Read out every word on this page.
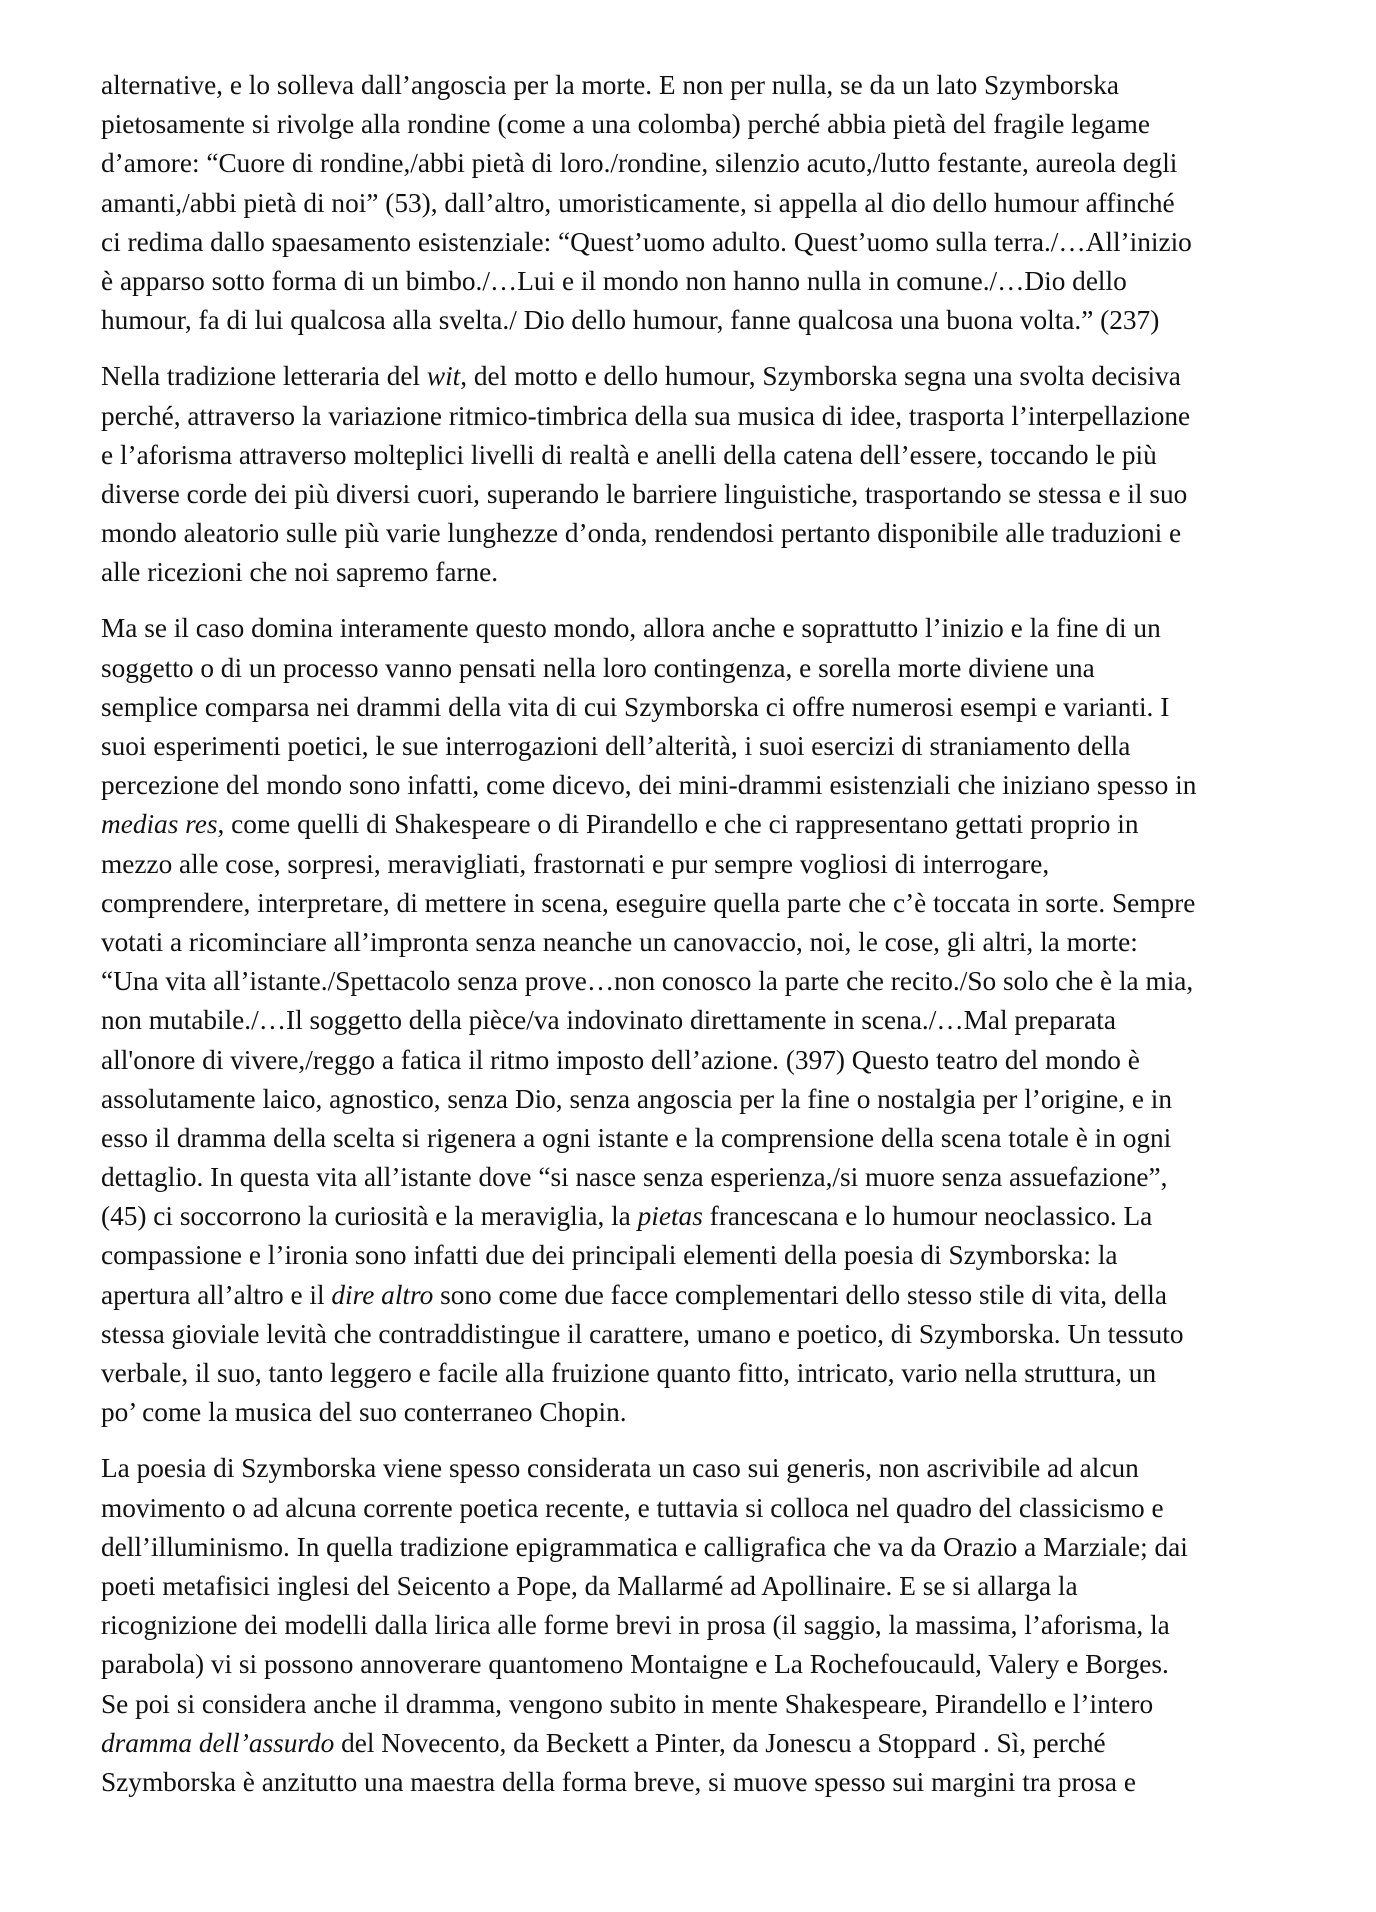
alternative, e lo solleva dall’angoscia per la morte. E non per nulla, se da un lato Szymborska
pietosamente si rivolge alla rondine (come a una colomba) perché abbia pietà del fragile legame
d’amore: “Cuore di rondine,/abbi pietà di loro./rondine, silenzio acuto,/lutto festante, aureola degli
amanti,/abbi pietà di noi” (53), dall’altro, umoristicamente, si appella al dio dello humour affinché
ci redima dallo spaesamento esistenziale: “Quest’uomo adulto. Quest’uomo sulla terra./…All’inizio
è apparso sotto forma di un bimbo./…Lui e il mondo non hanno nulla in comune./…Dio dello
humour, fa di lui qualcosa alla svelta./ Dio dello humour, fanne qualcosa una buona volta.” (237)

Nella tradizione letteraria del wit, del motto e dello humour, Szymborska segna una svolta decisiva
perché, attraverso la variazione ritmico-timbrica della sua musica di idee, trasporta l’interpellazione
e l’aforisma attraverso molteplici livelli di realtà e anelli della catena dell’essere, toccando le più
diverse corde dei più diversi cuori, superando le barriere linguistiche, trasportando se stessa e il suo
mondo aleatorio sulle più varie lunghezze d’onda, rendendosi pertanto disponibile alle traduzioni e
alle ricezioni che noi sapremo farne.

Ma se il caso domina interamente questo mondo, allora anche e soprattutto l’inizio e la fine di un
soggetto o di un processo vanno pensati nella loro contingenza, e sorella morte diviene una
semplice comparsa nei drammi della vita di cui Szymborska ci offre numerosi esempi e varianti. I
suoi esperimenti poetici, le sue interrogazioni dell’alterità, i suoi esercizi di straniamento della
percezione del mondo sono infatti, come dicevo, dei mini-drammi esistenziali che iniziano spesso in
medias res, come quelli di Shakespeare o di Pirandello e che ci rappresentano gettati proprio in
mezzo alle cose, sorpresi, meravigliati, frastornati e pur sempre vogliosi di interrogare,
comprendere, interpretare, di mettere in scena, eseguire quella parte che c’è toccata in sorte. Sempre
votati a ricominciare all’impronta senza neanche un canovaccio, noi, le cose, gli altri, la morte:
“Una vita all’istante./Spettacolo senza prove…non conosco la parte che recito./So solo che è la mia,
non mutabile./…Il soggetto della pièce/va indovinato direttamente in scena./…Mal preparata
all'onore di vivere,/reggo a fatica il ritmo imposto dell’azione. (397) Questo teatro del mondo è
assolutamente laico, agnostico, senza Dio, senza angoscia per la fine o nostalgia per l’origine, e in
esso il dramma della scelta si rigenera a ogni istante e la comprensione della scena totale è in ogni
dettaglio. In questa vita all’istante dove “si nasce senza esperienza,/si muore senza assuefazione”,
(45) ci soccorrono la curiosità e la meraviglia, la pietas francescana e lo humour neoclassico. La
compassione e l’ironia sono infatti due dei principali elementi della poesia di Szymborska: la
apertura all’altro e il dire altro sono come due facce complementari dello stesso stile di vita, della
stessa gioviale levità che contraddistingue il carattere, umano e poetico, di Szymborska. Un tessuto
verbale, il suo, tanto leggero e facile alla fruizione quanto fitto, intricato, vario nella struttura, un
po’ come la musica del suo conterraneo Chopin.

La poesia di Szymborska viene spesso considerata un caso sui generis, non ascrivibile ad alcun
movimento o ad alcuna corrente poetica recente, e tuttavia si colloca nel quadro del classicismo e
dell’illuminismo. In quella tradizione epigrammatica e calligrafica che va da Orazio a Marziale; dai
poeti metafisici inglesi del Seicento a Pope, da Mallarmé ad Apollinaire. E se si allarga la
ricognizione dei modelli dalla lirica alle forme brevi in prosa (il saggio, la massima, l’aforisma, la
parabola) vi si possono annoverare quantomeno Montaigne e La Rochefoucauld, Valery e Borges.
Se poi si considera anche il dramma, vengono subito in mente Shakespeare, Pirandello e l’intero
dramma dell’assurdo del Novecento, da Beckett a Pinter, da Jonescu a Stoppard . Sì, perché
Szymborska è anzitutto una maestra della forma breve, si muove spesso sui margini tra prosa e
